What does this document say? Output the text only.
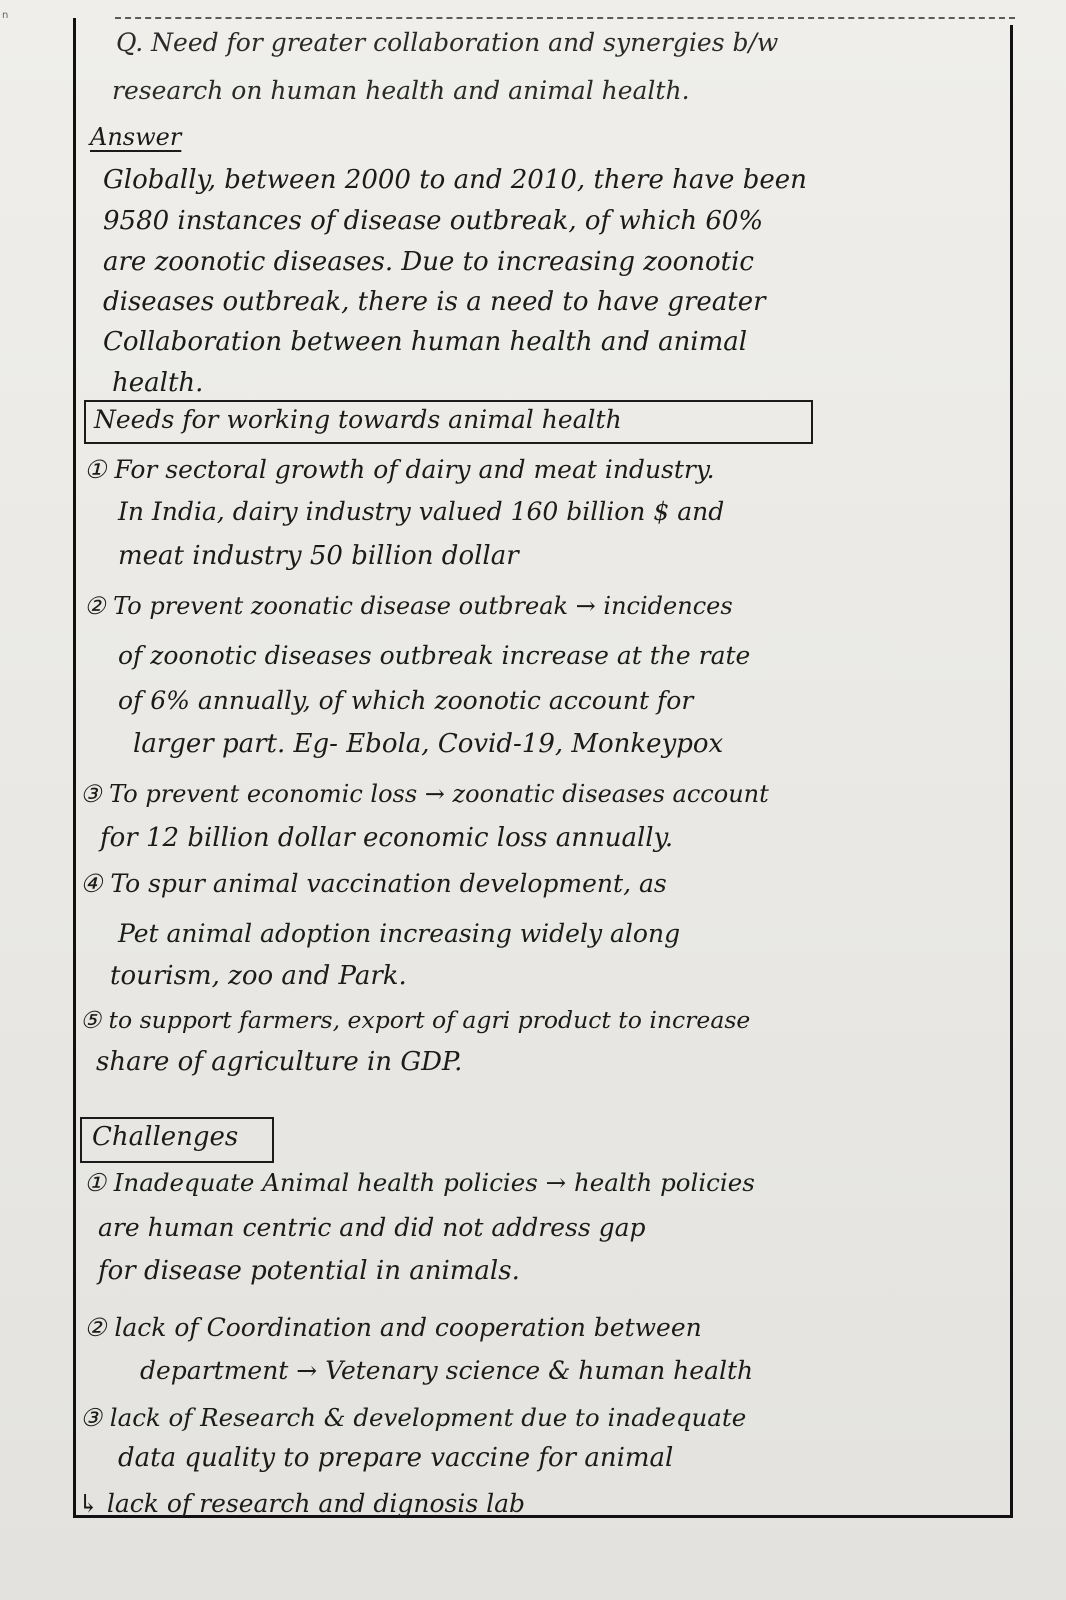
n

Q. Need for greater collaboration and synergies b/w

research on human health and animal health.

Answer

Globally, between 2000 to and 2010, there have been

9580 instances of disease outbreak, of which 60%

are zoonotic diseases. Due to increasing zoonotic

diseases outbreak, there is a need to have greater

Collaboration between human health and animal

health.

Needs for working towards animal health

① For sectoral growth of dairy and meat industry.

In India, dairy industry valued 160 billion $ and

meat industry 50 billion dollar

② To prevent zoonatic disease outbreak → incidences

of zoonotic diseases outbreak increase at the rate

of 6% annually, of which zoonotic account for

larger part. Eg- Ebola, Covid-19, Monkeypox

③ To prevent economic loss → zoonatic diseases account

for 12 billion dollar economic loss annually.

④ To spur animal vaccination development, as

Pet animal adoption increasing widely along

tourism, zoo and Park.

⑤ to support farmers, export of agri product to increase

share of agriculture in GDP.

Challenges

① Inadequate Animal health policies → health policies

are human centric and did not address gap

for disease potential in animals.

② lack of Coordination and cooperation between

department → Vetenary science & human health

③ lack of Research & development due to inadequate

data quality to prepare vaccine for animal

↳ lack of research and dignosis lab
